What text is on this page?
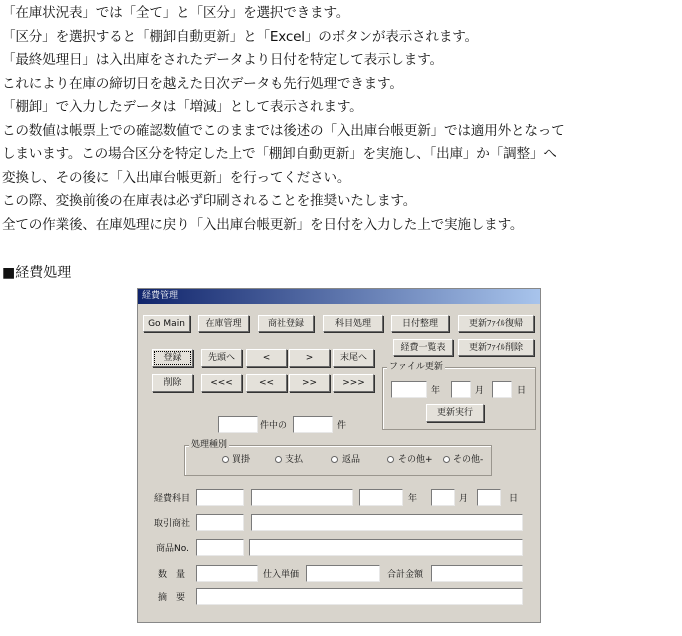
「在庫状況表」では「全て」と「区分」を選択できます。
「区分」を選択すると「棚卸自動更新」と「Excel」のボタンが表示されます。
「最終処理日」は入出庫をされたデータより日付を特定して表示します。
これにより在庫の締切日を越えた日次データも先行処理できます。
「棚卸」で入力したデータは「増減」として表示されます。
この数値は帳票上での確認数値でこのままでは後述の「入出庫台帳更新」では適用外となって
しまいます。この場合区分を特定した上で「棚卸自動更新」を実施し、「出庫」か「調整」へ
変換し、その後に「入出庫台帳更新」を行ってください。
この際、変換前後の在庫表は必ず印刷されることを推奨いたします。
全ての作業後、在庫処理に戻り「入出庫台帳更新」を日付を入力した上で実施します。
■経費処理
経費管理
Go Main	在庫管理	商社登録	科目処理	日付整理	更新ﾌｧｲﾙ復帰
経費一覧表	更新ﾌｧｲﾙ削除
登録	先頭へ	<	>	末尾へ
削除	<<<	<<	>>	>>>
件中の	件
ファイル更新
年	月	日
更新実行
処理種別
買掛	支払	返品	その他+ その他-
経費科目	年	月	日
取引商社
商品No.
数　量	仕入単価	合計金額
摘　要
